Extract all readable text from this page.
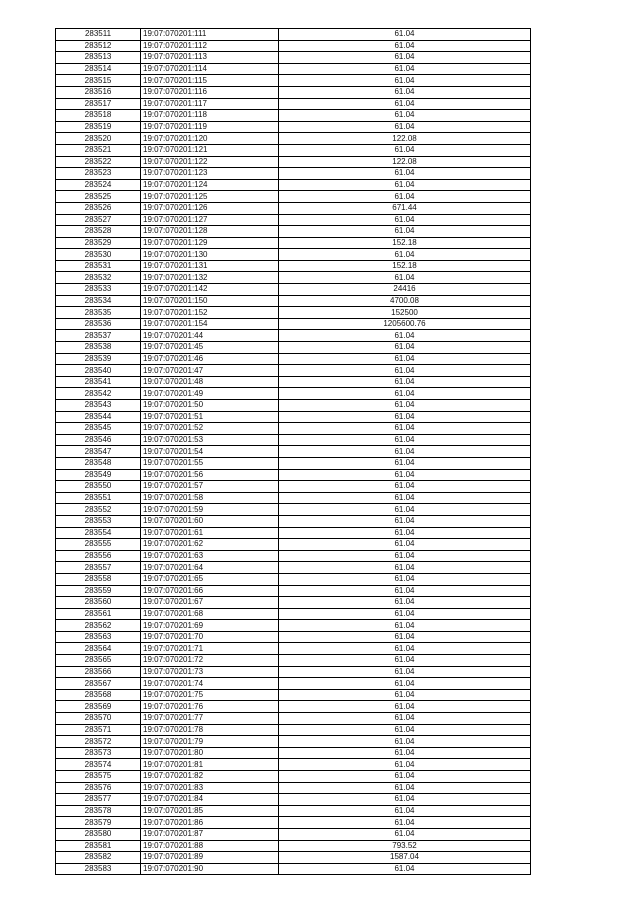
283511	19:07:070201:111	61.04
283512	19:07:070201:112	61.04
283513	19:07:070201:113	61.04
283514	19:07:070201:114	61.04
283515	19:07:070201:115	61.04
283516	19:07:070201:116	61.04
283517	19:07:070201:117	61.04
283518	19:07:070201:118	61.04
283519	19:07:070201:119	61.04
283520	19:07:070201:120	122.08
283521	19:07:070201:121	61.04
283522	19:07:070201:122	122.08
283523	19:07:070201:123	61.04
283524	19:07:070201:124	61.04
283525	19:07:070201:125	61.04
283526	19:07:070201:126	671.44
283527	19:07:070201:127	61.04
283528	19:07:070201:128	61.04
283529	19:07:070201:129	152.18
283530	19:07:070201:130	61.04
283531	19:07:070201:131	152.18
283532	19:07:070201:132	61.04
283533	19:07:070201:142	24416
283534	19:07:070201:150	4700.08
283535	19:07:070201:152	152500
283536	19:07:070201:154	1205600.76
283537	19:07:070201:44	61.04
283538	19:07:070201:45	61.04
283539	19:07:070201:46	61.04
283540	19:07:070201:47	61.04
283541	19:07:070201:48	61.04
283542	19:07:070201:49	61.04
283543	19:07:070201:50	61.04
283544	19:07:070201:51	61.04
283545	19:07:070201:52	61.04
283546	19:07:070201:53	61.04
283547	19:07:070201:54	61.04
283548	19:07:070201:55	61.04
283549	19:07:070201:56	61.04
283550	19:07:070201:57	61.04
283551	19:07:070201:58	61.04
283552	19:07:070201:59	61.04
283553	19:07:070201:60	61.04
283554	19:07:070201:61	61.04
283555	19:07:070201:62	61.04
283556	19:07:070201:63	61.04
283557	19:07:070201:64	61.04
283558	19:07:070201:65	61.04
283559	19:07:070201:66	61.04
283560	19:07:070201:67	61.04
283561	19:07:070201:68	61.04
283562	19:07:070201:69	61.04
283563	19:07:070201:70	61.04
283564	19:07:070201:71	61.04
283565	19:07:070201:72	61.04
283566	19:07:070201:73	61.04
283567	19:07:070201:74	61.04
283568	19:07:070201:75	61.04
283569	19:07:070201:76	61.04
283570	19:07:070201:77	61.04
283571	19:07:070201:78	61.04
283572	19:07:070201:79	61.04
283573	19:07:070201:80	61.04
283574	19:07:070201:81	61.04
283575	19:07:070201:82	61.04
283576	19:07:070201:83	61.04
283577	19:07:070201:84	61.04
283578	19:07:070201:85	61.04
283579	19:07:070201:86	61.04
283580	19:07:070201:87	61.04
283581	19:07:070201:88	793.52
283582	19:07:070201:89	1587.04
283583	19:07:070201:90	61.04
